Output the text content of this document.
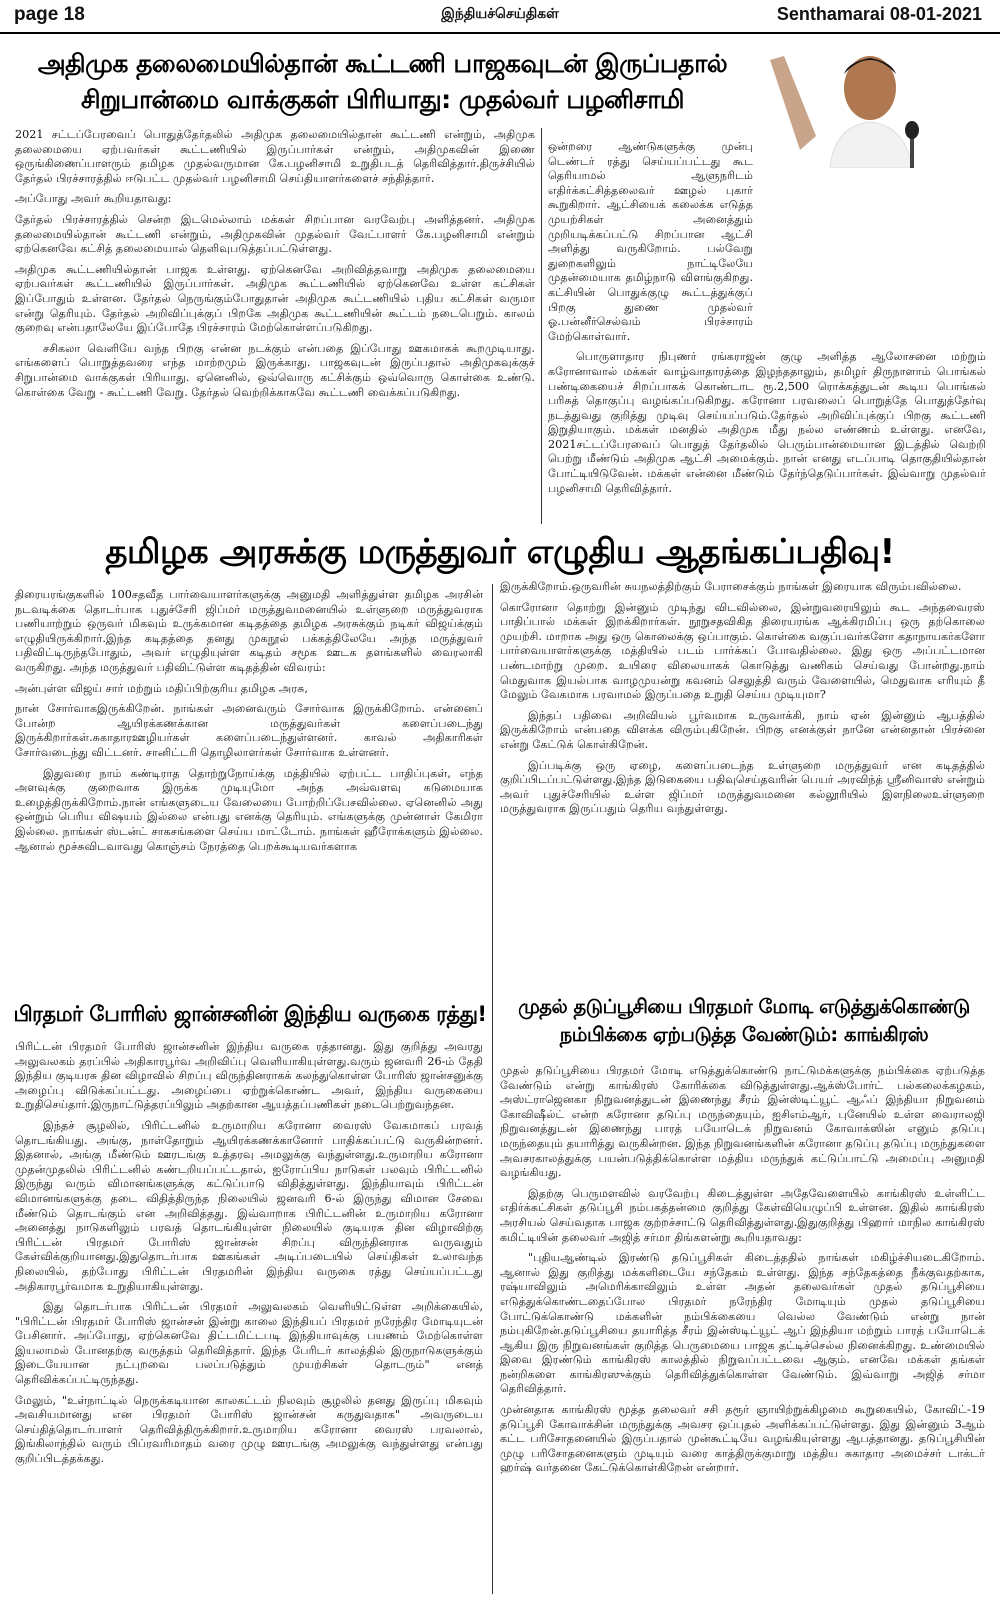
page 18	இந்தியச்செய்திகள்	Senthamarai 08-01-2021
அதிமுக தலைமையில்தான் கூட்டணி பாஜகவுடன் இருப்பதால்
சிறுபான்மை வாக்குகள் பிரியாது: முதல்வர் பழனிசாமி

2021 சட்டப்பேரவைப் பொதுத்தேர்தலில் அதிமுக தலைமையில்தான் கூட்டணி என்றும், அதிமுக தலைமையை ஏற்பவர்கள் கூட்டணியில் இருப்பார்கள் என்றும், அதிமுகவின் இணை ஒருங்கிணைப்பாளரும் தமிழக முதல்வருமான கே.பழனிசாமி உறுதிபடத் தெரிவித்தார்.திருச்சியில் தேர்தல் பிரச்சாரத்தில் ஈடுபட்ட முதல்வர் பழனிசாமி செய்தியாளர்களைச் சந்தித்தார்.

அப்போது அவர் கூறியதாவது:

தேர்தல் பிரச்சாரத்தில் சென்ற இடமெல்லாம் மக்கள் சிறப்பான வரவேற்பு அளித்தனர். அதிமுக தலைமையில்தான் கூட்டணி என்றும், அதிமுகவின் முதல்வர் வேட்பாளர் கே.பழனிசாமி என்றும் ஏற்கெனவே கட்சித் தலைமையால் தெளிவுபடுத்தப்பட்டுள்ளது.

அதிமுக கூட்டணியில்தான் பாஜக உள்ளது. ஏற்கெனவே அறிவித்தவாறு அதிமுக தலைமையை ஏற்பவர்கள் கூட்டணியில் இருப்பார்கள். அதிமுக கூட்டணியில் ஏற்கெனவே உள்ள கட்சிகள் இப்போதும் உள்ளன. தேர்தல் நெருங்கும்போதுதான் அதிமுக கூட்டணியில் புதிய கட்சிகள் வருமா என்று தெரியும். தேர்தல் அறிவிப்புக்குப் பிறகே அதிமுக கூட்டணியின் கூட்டம் நடைபெறும். காலம் குறைவு என்பதாலேயே இப்போதே பிரச்சாரம் மேற்கொள்ளப்படுகிறது.

சசிகலா வெளியே வந்த பிறகு என்ன நடக்கும் என்பதை இப்போது ஊகமாகக் கூறமுடியாது. எங்களைப் பொறுத்தவரை எந்த மாற்றமும் இருக்காது. பாஜகவுடன் இருப்பதால் அதிமுகவுக்குச் சிறுபான்மை வாக்குகள் பிரியாது. ஏனெனில், ஒவ்வொரு கட்சிக்கும் ஒவ்வொரு கொள்கை உண்டு. கொள்கை வேறு - கூட்டணி வேறு. தேர்தல் வெற்றிக்காகவே கூட்டணி வைக்கப்படுகிறது.

ஒன்றரை ஆண்டுகளுக்கு முன்பு டெண்டர் ரத்து செய்யப்பட்டது கூட தெரியாமல் ஆளுநரிடம் எதிர்க்கட்சித்தலைவர் ஊழல் புகார் கூறுகிறார். ஆட்சியைக் கலைக்க எடுத்த முயற்சிகள் அனைத்தும் முறியடிக்கப்பட்டு சிறப்பான ஆட்சி அளித்து வருகிறோம். பல்வேறு துறைகளிலும் நாட்டிலேயே முதன்மையாக தமிழ்நாடு விளங்குகிறது. கட்சியின் பொதுக்குழு கூட்டத்துக்குப் பிறகு துணை முதல்வர் ஓ.பன்னீர்செல்வம் பிரச்சாரம் மேற்கொள்வார்.

பொருளாதார நிபுணர் ரங்கராஜன் குழு அளித்த ஆலோசனை மற்றும் கரோனாவால் மக்கள் வாழ்வாதாரத்தை இழந்ததாலும், தமிழர் திருநாளாம் பொங்கல் பண்டிகையைச் சிறப்பாகக் கொண்டாட ரூ.2,500 ரொக்கத்துடன் கூடிய பொங்கல் பரிசுத் தொகுப்பு வழங்கப்படுகிறது. கரோனா பரவலைப் பொறுத்தே பொதுத்தேர்வு நடத்துவது குறித்து முடிவு செய்யப்படும்.தேர்தல் அறிவிப்புக்குப் பிறகு கூட்டணி இறுதியாகும். மக்கள் மனதில் அதிமுக மீது நல்ல எண்ணம் உள்ளது. எனவே, 2021சட்டப்பேரவைப் பொதுத் தேர்தலில் பெரும்பான்மையான இடத்தில் வெற்றி பெற்று மீண்டும் அதிமுக ஆட்சி அமைக்கும். நான் எனது எடப்பாடி தொகுதியில்தான் போட்டியிடுவேன். மக்கள் என்னை மீண்டும் தேர்ந்தெடுப்பார்கள். இவ்வாறு முதல்வர் பழனிசாமி தெரிவித்தார்.

தமிழக அரசுக்கு மருத்துவர் எழுதிய ஆதங்கப்பதிவு!

திரையரங்குகளில் 100சதவீத பார்வையாளர்களுக்கு அனுமதி அளித்துள்ள தமிழக அரசின் நடவடிக்கை தொடர்பாக புதுச்சேரி ஜிப்மர் மருத்துவமனையில் உள்ளுறை மருத்துவராக பணியாற்றும் ஒருவர் மிகவும் உருக்கமான கடிதத்தை தமிழக அரசுக்கும் நடிகர் விஜய்க்கும் எழுதியிருக்கிறார்.இந்த கடிதத்தை தனது முகநூல் பக்கத்திலேயே அந்த மருத்துவர் பதிவிட்டிருந்தபோதும், அவர் எழுதியுள்ள கடிதம் சமூக ஊடக தளங்களில் வைரலாகி வருகிறது. அந்த மருத்துவர் பதிவிட்டுள்ள கடிதத்தின் விவரம்:

அன்புள்ள விஜய் சார் மற்றும் மதிப்பிற்குரிய தமிழக அரசு,

நான் சோர்வாகஇருக்கிறேன். நாங்கள் அனைவரும் சோர்வாக இருக்கிறோம். என்னைப் போன்ற ஆயிரக்கணக்கான மருத்துவர்கள் களைப்படைந்து இருக்கிறார்கள்.சுகாதாரஊழியர்கள் களைப்படைந்துள்ளனர். காவல் அதிகாரிகள் சோர்வடைந்து விட்டனர். சானிட்டரி தொழிலாளர்கள் சோர்வாக உள்ளனர்.

இதுவரை நாம் கண்டிராத தொற்றுநோய்க்கு மத்தியில் ஏற்பட்ட பாதிப்புகள், எந்த அளவுக்கு குறைவாக இருக்க முடியுமோ அந்த அவ்வளவு கடுமையாக உழைத்திருக்கிறோம்.நான் எங்களுடைய வேலையை போற்றிப்பேசவில்லை. ஏனெனில் அது ஒன்றும் பெரிய விஷயம் இல்லை என்பது எனக்கு தெரியும். எங்களுக்கு முன்னாள் கேமிரா இல்லை. நாங்கள் ஸ்டன்ட் சாகசங்களை செய்ய மாட்டோம். நாங்கள் ஹீரோக்களும் இல்லை. ஆனால் மூச்சுவிடவாவது கொஞ்சம் நேரத்தை பெறக்கூடியவர்களாக

இருக்கிறோம்.ஒருவரின் சுயநலத்திற்கும் பேராசைக்கும் நாங்கள் இரையாக விரும்பவில்லை.

கொரோனா தொற்று இன்னும் முடிந்து விடவில்லை, இன்றுவரையிலும் கூட அந்தவைரஸ் பாதிப்பால் மக்கள் இறக்கிறார்கள். நூறுசதவிகித திரையரங்க ஆக்கிரமிப்பு ஒரு தற்கொலை முயற்சி. மாறாக அது ஒரு கொலைக்கு ஒப்பாகும். கொள்கை வகுப்பவர்களோ கதாநாயகர்களோ பார்வையாளர்களுக்கு மத்தியில் படம் பார்க்கப் போவதில்லை. இது ஒரு அப்பட்டமான பண்டமாற்று முறை. உயிரை விலையாகக் கொடுத்து வணிகம் செய்வது போன்றது.நாம் மெதுவாக இயல்பாக வாழமுயன்று கவனம் செலுத்தி வரும் வேளையில், மெதுவாக எரியும் தீ மேலும் வேகமாக பரவாமல் இருப்பதை உறுதி செய்ய முடியுமா?

இந்தப் பதிவை அறிவியல் பூர்வமாக உருவாக்கி, நாம் ஏன் இன்னும் ஆபத்தில் இருக்கிறோம் என்பதை விளக்க விரும்புகிறேன். பிறகு எனக்குள் நானே என்னதான் பிரச்னை என்று கேட்டுக் கொள்கிறேன்.

இப்படிக்கு ஒரு ஏழை, களைப்படைந்த உள்ளுறை மருத்துவர் என கடிதத்தில் குறிப்பிடப்பட்டுள்ளது.இந்த இடுகையை பதிவுசெய்தவரின் பெயர் அரவிந்த் ஸ்ரீனிவாஸ் என்றும் அவர் புதுச்சேரியில் உள்ள ஜிப்மர் மருத்துவமனை கல்லூரியில் இளநிலைஉள்ளுறை மருத்துவராக இருப்பதும் தெரிய வந்துள்ளது.

பிரதமர் போரிஸ் ஜான்சனின் இந்திய வருகை ரத்து!

பிரிட்டன் பிரதமர் போரிஸ் ஜான்சனின் இந்திய வருகை ரத்தானது. இது குறித்து அவரது அலுவலகம் தரப்பில் அதிகாரபூர்வ அறிவிப்பு வெளியாகியுள்ளது.வரும் ஜனவரி 26-ம் தேதி இந்திய குடியரசு தின விழாவில் சிறப்பு விருந்தினராகக் கலந்துகொள்ள போரிஸ் ஜான்சனுக்கு அழைப்பு விடுக்கப்பட்டது. அழைப்பை ஏற்றுக்கொண்ட அவர், இந்திய வருகையை உறுதிசெய்தார்.இருநாட்டுத்தரப்பிலும் அதற்கான ஆயத்தப்பணிகள் நடைபெற்றுவந்தன.

இந்தச் சூழலில், பிரிட்டனில் உருமாறிய கரோனா வைரஸ் வேகமாகப் பரவத் தொடங்கியது. அங்கு, நாள்தோறும் ஆயிரக்கணக்கானோர் பாதிக்கப்பட்டு வருகின்றனர். இதனால், அங்கு மீண்டும் ஊரடங்கு உத்தரவு அமலுக்கு வந்துள்ளது.உருமாறிய கரோனா முதன்முதலில் பிரிட்டனில் கண்டறியப்பட்டதால், ஐரோப்பிய நாடுகள் பலவும் பிரிட்டனில் இருந்து வரும் விமானங்களுக்கு கட்டுப்பாடு விதித்துள்ளது. இந்தியாவும் பிரிட்டன் விமானங்களுக்கு தடை விதித்திருந்த நிலையில் ஜனவரி 6-ல் இருந்து விமான சேவை மீண்டும் தொடங்கும் என அறிவித்தது. இவ்வாறாக பிரிட்டனின் உருமாறிய கரோனா அனைத்து நாடுகளிலும் பரவத் தொடங்கியுள்ள நிலையில் குடியரசு தின விழாவிற்கு பிரிட்டன் பிரதமர் போரிஸ் ஜான்சன் சிறப்பு விருந்தினராக வருவதும் கேள்விக்குறியானது.இதுதொடர்பாக ஊகங்கள் அடிப்படையில் செய்திகள் உலாவந்த நிலையில், தற்போது பிரிட்டன் பிரதமரின் இந்திய வருகை ரத்து செய்யப்பட்டது அதிகாரபூர்வமாக உறுதியாகியுள்ளது.

இது தொடர்பாக பிரிட்டன் பிரதமர் அலுவலகம் வெளியிட்டுள்ள அறிக்கையில், "பிரிட்டன் பிரதமர் போரிஸ் ஜான்சன் இன்று காலை இந்தியப் பிரதமர் நரேந்திர மோடியுடன் பேசினார். அப்போது, ஏற்கெனவே திட்டமிட்டபடி இந்தியாவுக்கு பயணம் மேற்கொள்ள இயலாமல் போனதற்கு வருத்தம் தெரிவித்தார். இந்த பேரிடர் காலத்தில் இருநாடுகளுக்கும் இடையேயான நட்புறவை பலப்படுத்தும் முயற்சிகள் தொடரும்" எனத் தெரிவிக்கப்பட்டிருந்தது.

மேலும், "உள்நாட்டில் நெருக்கடியான காலகட்டம் நிலவும் சூழலில் தனது இருப்பு மிகவும் அவசியமானது என பிரதமர் போரிஸ் ஜான்சன் கருதுவதாக" அவருடைய செய்தித்தொடர்பாளர் தெரிவித்திருக்கிறார்.உருமாறிய கரோனா வைரஸ் பரவலால், இங்கிலாந்தில் வரும் பிப்ரவரிமாதம் வரை முழு ஊரடங்கு அமலுக்கு வந்துள்ளது என்பது குறிப்பிடத்தக்கது.

முதல் தடுப்பூசியை பிரதமர் மோடி எடுத்துக்கொண்டு
நம்பிக்கை ஏற்படுத்த வேண்டும்: காங்கிரஸ்

முதல் தடுப்பூசியை பிரதமர் மோடி எடுத்துக்கொண்டு நாட்டுமக்களுக்கு நம்பிக்கை ஏற்படுத்த வேண்டும் என்று காங்கிரஸ் கோரிக்கை விடுத்துள்ளது.ஆக்ஸ்போர்ட் பல்கலைக்கழகம், அஸ்ட்ராஜெனகா நிறுவனத்துடன் இணைந்து சீரம் இன்ஸ்டிட்யூட் ஆஃப் இந்தியா நிறுவனம் கோவிஷீல்ட் என்ற கரோனா தடுப்பு மருந்தையும், ஐசிஎம்ஆர், புனேயில் உள்ள வைராலஜி நிறுவனத்துடன் இணைந்து பாரத் பயோடெக் நிறுவனம் கோவாக்ஸின் எனும் தடுப்பு மருந்தையும் தயாரித்து வருகின்றன. இந்த நிறுவனங்களின் கரோனா தடுப்பு தடுப்பு மருந்துகளை அவசரகாலத்துக்கு பயன்படுத்திக்கொள்ள மத்திய மருந்துக் கட்டுப்பாட்டு அமைப்பு அனுமதி வழங்கியது.

இதற்கு பெருமளவில் வரவேற்பு கிடைத்துள்ள அதேவேளையில் காங்கிரஸ் உள்ளிட்ட எதிர்க்கட்சிகள் தடுப்பூசி நம்பகத்தன்மை குறித்து கேள்வியெழுப்பி உள்ளன. இதில் காங்கிரஸ் அரசியல் செய்வதாக பாஜக குற்றச்சாட்டு தெரிவித்துள்ளது.இதுகுறித்து பிஹார் மாநில காங்கிரஸ் கமிட்டியின் தலைவர் அஜித் சர்மா திங்களன்று கூறியதாவது:

"புதியஆண்டில் இரண்டு தடுப்பூசிகள் கிடைத்ததில் நாங்கள் மகிழ்ச்சியடைகிறோம். ஆனால் இது குறித்து மக்களிடையே சந்தேகம் உள்ளது. இந்த சந்தேகத்தை நீக்குவதற்காக, ரஷ்யாவிலும் அமெரிக்காவிலும் உள்ள அதன் தலைவர்கள் முதல் தடுப்பூசியை எடுத்துக்கொண்டதைப்போல பிரதமர் நரேந்திர மோடியும் முதல் தடுப்பூசியை போட்டுக்கொண்டு மக்களின் நம்பிக்கையை வெல்ல வேண்டும் என்று நான் நம்புகிறேன்.தடுப்பூசியை தயாரித்த சீரம் இன்ஸ்டிட்யூட் ஆப் இந்தியா மற்றும் பாரத் பயோடெக் ஆகிய இரு நிறுவனங்கள் குறித்த பெருமையை பாஜக தட்டிச்செல்ல நினைக்கிறது. உண்மையில் இவை இரண்டும் காங்கிரஸ் காலத்தில் நிறுவப்பட்டவை ஆகும். எனவே மக்கள் தங்கள் நன்றிகளை காங்கிரஸுக்கும் தெரிவித்துக்கொள்ள வேண்டும். இவ்வாறு அஜித் சர்மா தெரிவித்தார்.

முன்னதாக காங்கிரஸ் மூத்த தலைவர் சசி தரூர் ஞாயிற்றுக்கிழமை கூறுகையில், கோவிட்-19 தடுப்பூசி கோவாக்சின் மருந்துக்கு அவசர ஒப்புதல் அளிக்கப்பட்டுள்ளது. இது இன்னும் 3ஆம் கட்ட பரிசோதனையில் இருப்பதால் முன்கூட்டியே வழங்கியுள்ளது ஆபத்தானது. தடுப்பூசியின் முழு பரிசோதனைகளும் முடியும் வரை காத்திருக்குமாறு மத்திய சுகாதார அமைச்சர் டாக்டர் ஹர்ஷ் வர்தனை கேட்டுக்கொள்கிறேன் என்றார்.
